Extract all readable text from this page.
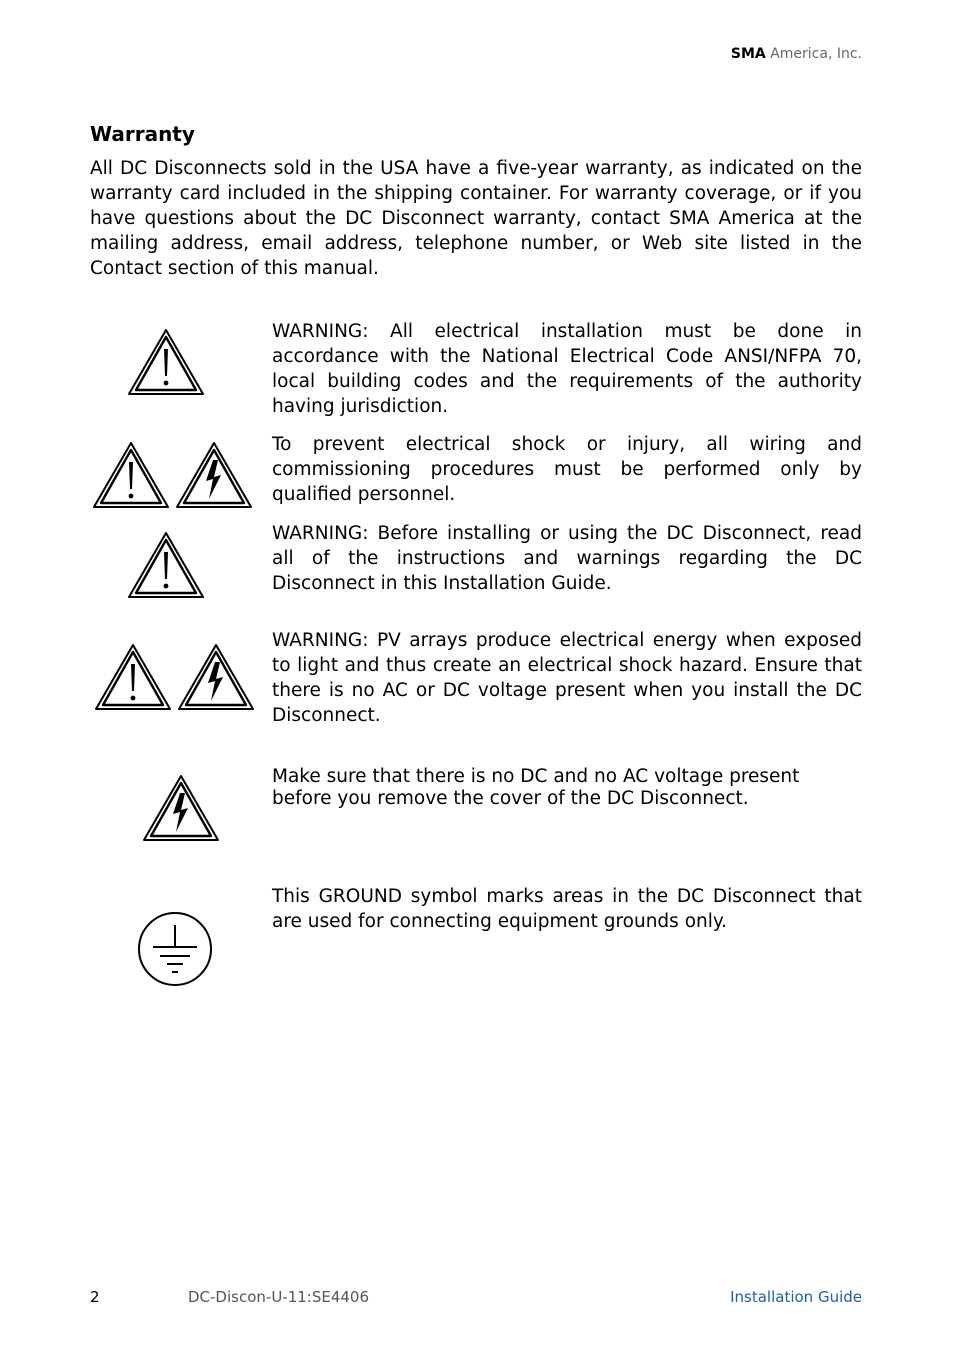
SMA America, Inc.
Warranty

All DC Disconnects sold in the USA have a five-year warranty, as indicated on the warranty card included in the shipping container. For warranty coverage, or if you have questions about the DC Disconnect warranty, contact SMA America at the mailing address, email address, telephone number, or Web site listed in the Contact section of this manual.

WARNING: All electrical installation must be done in accordance with the National Electrical Code ANSI/NFPA 70, local building codes and the requirements of the authority having jurisdiction.

To prevent electrical shock or injury, all wiring and commissioning procedures must be performed only by qualified personnel.

WARNING: Before installing or using the DC Disconnect, read all of the instructions and warnings regarding the DC Disconnect in this Installation Guide.

WARNING: PV arrays produce electrical energy when exposed to light and thus create an electrical shock hazard. Ensure that there is no AC or DC voltage present when you install the DC Disconnect.

Make sure that there is no DC and no AC voltage present before you remove the cover of the DC Disconnect.

This GROUND symbol marks areas in the DC Disconnect that are used for connecting equipment grounds only.

2	DC-Discon-U-11:SE4406	Installation Guide
